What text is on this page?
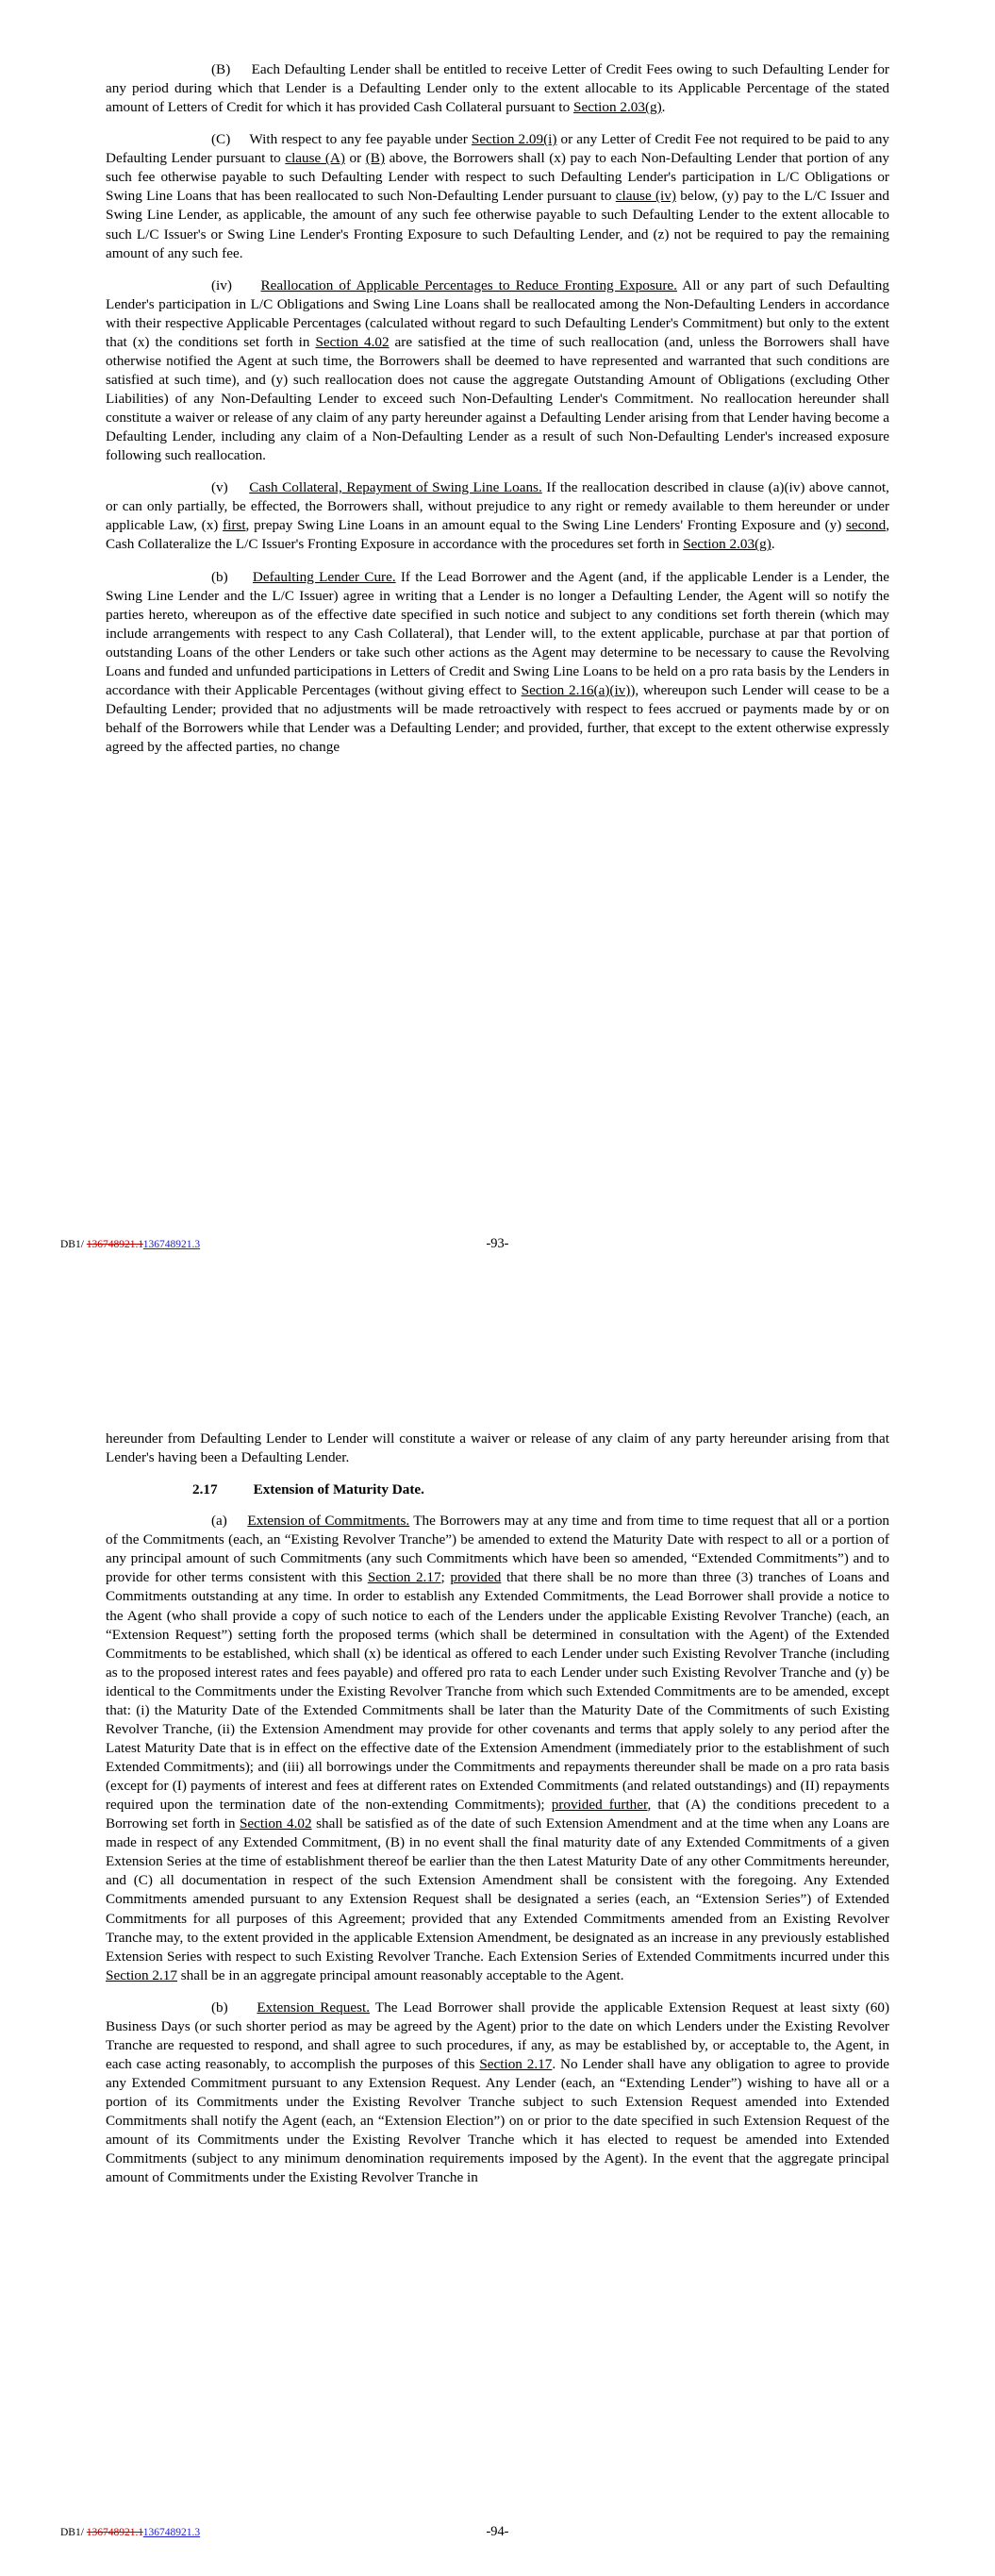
(B)     Each Defaulting Lender shall be entitled to receive Letter of Credit Fees owing to such Defaulting Lender for any period during which that Lender is a Defaulting Lender only to the extent allocable to its Applicable Percentage of the stated amount of Letters of Credit for which it has provided Cash Collateral pursuant to Section 2.03(g).

(C)     With respect to any fee payable under Section 2.09(i) or any Letter of Credit Fee not required to be paid to any Defaulting Lender pursuant to clause (A) or (B) above, the Borrowers shall (x) pay to each Non-Defaulting Lender that portion of any such fee otherwise payable to such Defaulting Lender with respect to such Defaulting Lender's participation in L/C Obligations or Swing Line Loans that has been reallocated to such Non-Defaulting Lender pursuant to clause (iv) below, (y) pay to the L/C Issuer and Swing Line Lender, as applicable, the amount of any such fee otherwise payable to such Defaulting Lender to the extent allocable to such L/C Issuer's or Swing Line Lender's Fronting Exposure to such Defaulting Lender, and (z) not be required to pay the remaining amount of any such fee.

(iv) Reallocation of Applicable Percentages to Reduce Fronting Exposure. All or any part of such Defaulting Lender's participation in L/C Obligations and Swing Line Loans shall be reallocated among the Non-Defaulting Lenders in accordance with their respective Applicable Percentages (calculated without regard to such Defaulting Lender's Commitment) but only to the extent that (x) the conditions set forth in Section 4.02 are satisfied at the time of such reallocation (and, unless the Borrowers shall have otherwise notified the Agent at such time, the Borrowers shall be deemed to have represented and warranted that such conditions are satisfied at such time), and (y) such reallocation does not cause the aggregate Outstanding Amount of Obligations (excluding Other Liabilities) of any Non-Defaulting Lender to exceed such Non-Defaulting Lender's Commitment. No reallocation hereunder shall constitute a waiver or release of any claim of any party hereunder against a Defaulting Lender arising from that Lender having become a Defaulting Lender, including any claim of a Non-Defaulting Lender as a result of such Non-Defaulting Lender's increased exposure following such reallocation.

(v) Cash Collateral, Repayment of Swing Line Loans. If the reallocation described in clause (a)(iv) above cannot, or can only partially, be effected, the Borrowers shall, without prejudice to any right or remedy available to them hereunder or under applicable Law, (x) first, prepay Swing Line Loans in an amount equal to the Swing Line Lenders' Fronting Exposure and (y) second, Cash Collateralize the L/C Issuer's Fronting Exposure in accordance with the procedures set forth in Section 2.03(g).

(b) Defaulting Lender Cure. If the Lead Borrower and the Agent (and, if the applicable Lender is a Lender, the Swing Line Lender and the L/C Issuer) agree in writing that a Lender is no longer a Defaulting Lender, the Agent will so notify the parties hereto, whereupon as of the effective date specified in such notice and subject to any conditions set forth therein (which may include arrangements with respect to any Cash Collateral), that Lender will, to the extent applicable, purchase at par that portion of outstanding Loans of the other Lenders or take such other actions as the Agent may determine to be necessary to cause the Revolving Loans and funded and unfunded participations in Letters of Credit and Swing Line Loans to be held on a pro rata basis by the Lenders in accordance with their Applicable Percentages (without giving effect to Section 2.16(a)(iv)), whereupon such Lender will cease to be a Defaulting Lender; provided that no adjustments will be made retroactively with respect to fees accrued or payments made by or on behalf of the Borrowers while that Lender was a Defaulting Lender; and provided, further, that except to the extent otherwise expressly agreed by the affected parties, no change

DB1/ 136748921.1136748921.3	-93-

hereunder from Defaulting Lender to Lender will constitute a waiver or release of any claim of any party hereunder arising from that Lender's having been a Defaulting Lender.

2.17	Extension of Maturity Date.

(a) Extension of Commitments. The Borrowers may at any time and from time to time request that all or a portion of the Commitments (each, an “Existing Revolver Tranche”) be amended to extend the Maturity Date with respect to all or a portion of any principal amount of such Commitments (any such Commitments which have been so amended, “Extended Commitments”) and to provide for other terms consistent with this Section 2.17; provided that there shall be no more than three (3) tranches of Loans and Commitments outstanding at any time. In order to establish any Extended Commitments, the Lead Borrower shall provide a notice to the Agent (who shall provide a copy of such notice to each of the Lenders under the applicable Existing Revolver Tranche) (each, an “Extension Request”) setting forth the proposed terms (which shall be determined in consultation with the Agent) of the Extended Commitments to be established, which shall (x) be identical as offered to each Lender under such Existing Revolver Tranche (including as to the proposed interest rates and fees payable) and offered pro rata to each Lender under such Existing Revolver Tranche and (y) be identical to the Commitments under the Existing Revolver Tranche from which such Extended Commitments are to be amended, except that: (i) the Maturity Date of the Extended Commitments shall be later than the Maturity Date of the Commitments of such Existing Revolver Tranche, (ii) the Extension Amendment may provide for other covenants and terms that apply solely to any period after the Latest Maturity Date that is in effect on the effective date of the Extension Amendment (immediately prior to the establishment of such Extended Commitments); and (iii) all borrowings under the Commitments and repayments thereunder shall be made on a pro rata basis (except for (I) payments of interest and fees at different rates on Extended Commitments (and related outstandings) and (II) repayments required upon the termination date of the non-extending Commitments); provided further, that (A) the conditions precedent to a Borrowing set forth in Section 4.02 shall be satisfied as of the date of such Extension Amendment and at the time when any Loans are made in respect of any Extended Commitment, (B) in no event shall the final maturity date of any Extended Commitments of a given Extension Series at the time of establishment thereof be earlier than the then Latest Maturity Date of any other Commitments hereunder, and (C) all documentation in respect of the such Extension Amendment shall be consistent with the foregoing. Any Extended Commitments amended pursuant to any Extension Request shall be designated a series (each, an “Extension Series”) of Extended Commitments for all purposes of this Agreement; provided that any Extended Commitments amended from an Existing Revolver Tranche may, to the extent provided in the applicable Extension Amendment, be designated as an increase in any previously established Extension Series with respect to such Existing Revolver Tranche. Each Extension Series of Extended Commitments incurred under this Section 2.17 shall be in an aggregate principal amount reasonably acceptable to the Agent.

(b) Extension Request. The Lead Borrower shall provide the applicable Extension Request at least sixty (60) Business Days (or such shorter period as may be agreed by the Agent) prior to the date on which Lenders under the Existing Revolver Tranche are requested to respond, and shall agree to such procedures, if any, as may be established by, or acceptable to, the Agent, in each case acting reasonably, to accomplish the purposes of this Section 2.17. No Lender shall have any obligation to agree to provide any Extended Commitment pursuant to any Extension Request. Any Lender (each, an “Extending Lender”) wishing to have all or a portion of its Commitments under the Existing Revolver Tranche subject to such Extension Request amended into Extended Commitments shall notify the Agent (each, an “Extension Election”) on or prior to the date specified in such Extension Request of the amount of its Commitments under the Existing Revolver Tranche which it has elected to request be amended into Extended Commitments (subject to any minimum denomination requirements imposed by the Agent). In the event that the aggregate principal amount of Commitments under the Existing Revolver Tranche in

DB1/ 136748921.1136748921.3	-94-
